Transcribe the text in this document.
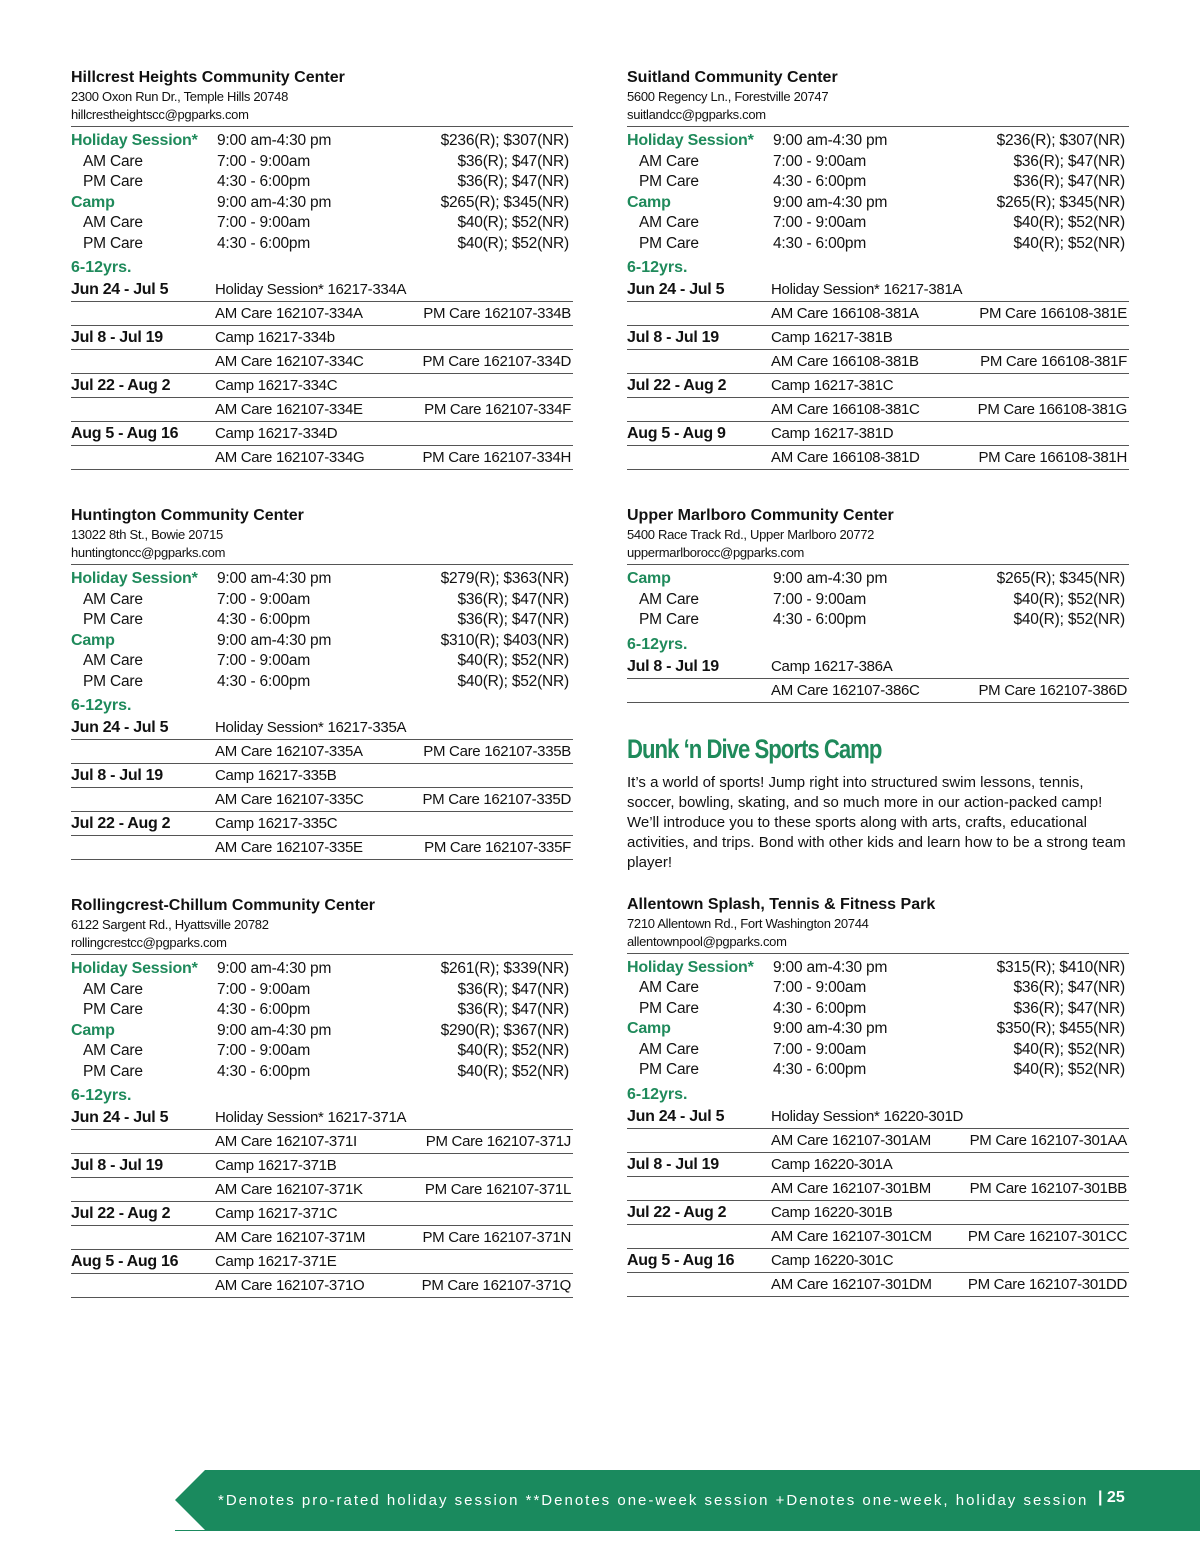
Hillcrest Heights Community Center
2300 Oxon Run Dr., Temple Hills 20748
hillcrestheightscc@pgparks.com
Holiday Session*	9:00 am-4:30 pm	$236(R); $307(NR)
AM Care	7:00 - 9:00am	$36(R); $47(NR)
PM Care	4:30 - 6:00pm	$36(R); $47(NR)
Camp	9:00 am-4:30 pm	$265(R); $345(NR)
AM Care	7:00 - 9:00am	$40(R); $52(NR)
PM Care	4:30 - 6:00pm	$40(R); $52(NR)
6-12yrs.
Jun 24 - Jul 5	Holiday Session* 16217-334A
AM Care 162107-334A	PM Care 162107-334B
Jul 8 - Jul 19	Camp 16217-334b
AM Care 162107-334C	PM Care 162107-334D
Jul 22 - Aug 2	Camp 16217-334C
AM Care 162107-334E	PM Care 162107-334F
Aug 5 - Aug 16	Camp 16217-334D
AM Care 162107-334G	PM Care 162107-334H
Huntington Community Center
13022 8th St., Bowie 20715
huntingtoncc@pgparks.com
Holiday Session*	9:00 am-4:30 pm	$279(R); $363(NR)
AM Care	7:00 - 9:00am	$36(R); $47(NR)
PM Care	4:30 - 6:00pm	$36(R); $47(NR)
Camp	9:00 am-4:30 pm	$310(R); $403(NR)
AM Care	7:00 - 9:00am	$40(R); $52(NR)
PM Care	4:30 - 6:00pm	$40(R); $52(NR)
6-12yrs.
Jun 24 - Jul 5	Holiday Session* 16217-335A
AM Care 162107-335A	PM Care 162107-335B
Jul 8 - Jul 19	Camp 16217-335B
AM Care 162107-335C	PM Care 162107-335D
Jul 22 - Aug 2	Camp 16217-335C
AM Care 162107-335E	PM Care 162107-335F
Rollingcrest-Chillum Community Center
6122 Sargent Rd., Hyattsville 20782
rollingcrestcc@pgparks.com
Holiday Session*	9:00 am-4:30 pm	$261(R); $339(NR)
AM Care	7:00 - 9:00am	$36(R); $47(NR)
PM Care	4:30 - 6:00pm	$36(R); $47(NR)
Camp	9:00 am-4:30 pm	$290(R); $367(NR)
AM Care	7:00 - 9:00am	$40(R); $52(NR)
PM Care	4:30 - 6:00pm	$40(R); $52(NR)
6-12yrs.
Jun 24 - Jul 5	Holiday Session* 16217-371A
AM Care 162107-371I	PM Care 162107-371J
Jul 8 - Jul 19	Camp 16217-371B
AM Care 162107-371K	PM Care 162107-371L
Jul 22 - Aug 2	Camp 16217-371C
AM Care 162107-371M	PM Care 162107-371N
Aug 5 - Aug 16	Camp 16217-371E
AM Care 162107-371O	PM Care 162107-371Q
Suitland Community Center
5600 Regency Ln., Forestville 20747
suitlandcc@pgparks.com
Holiday Session*	9:00 am-4:30 pm	$236(R); $307(NR)
AM Care	7:00 - 9:00am	$36(R); $47(NR)
PM Care	4:30 - 6:00pm	$36(R); $47(NR)
Camp	9:00 am-4:30 pm	$265(R); $345(NR)
AM Care	7:00 - 9:00am	$40(R); $52(NR)
PM Care	4:30 - 6:00pm	$40(R); $52(NR)
6-12yrs.
Jun 24 - Jul 5	Holiday Session* 16217-381A
AM Care 166108-381A	PM Care 166108-381E
Jul 8 - Jul 19	Camp 16217-381B
AM Care 166108-381B	PM Care 166108-381F
Jul 22 - Aug 2	Camp 16217-381C
AM Care 166108-381C	PM Care 166108-381G
Aug 5 - Aug 9	Camp 16217-381D
AM Care 166108-381D	PM Care 166108-381H
Upper Marlboro Community Center
5400 Race Track Rd., Upper Marlboro 20772
uppermarlborocc@pgparks.com
Camp	9:00 am-4:30 pm	$265(R); $345(NR)
AM Care	7:00 - 9:00am	$40(R); $52(NR)
PM Care	4:30 - 6:00pm	$40(R); $52(NR)
6-12yrs.
Jul 8 - Jul 19	Camp 16217-386A
AM Care 162107-386C	PM Care 162107-386D
Dunk ‘n Dive Sports Camp
It’s a world of sports! Jump right into structured swim lessons, tennis, soccer, bowling, skating, and so much more in our action-packed camp! We’ll introduce you to these sports along with arts, crafts, educational activities, and trips. Bond with other kids and learn how to be a strong team player!
Allentown Splash, Tennis & Fitness Park
7210 Allentown Rd., Fort Washington 20744
allentownpool@pgparks.com
Holiday Session*	9:00 am-4:30 pm	$315(R); $410(NR)
AM Care	7:00 - 9:00am	$36(R); $47(NR)
PM Care	4:30 - 6:00pm	$36(R); $47(NR)
Camp	9:00 am-4:30 pm	$350(R); $455(NR)
AM Care	7:00 - 9:00am	$40(R); $52(NR)
PM Care	4:30 - 6:00pm	$40(R); $52(NR)
6-12yrs.
Jun 24 - Jul 5	Holiday Session* 16220-301D
AM Care 162107-301AM	PM Care 162107-301AA
Jul 8 - Jul 19	Camp 16220-301A
AM Care 162107-301BM	PM Care 162107-301BB
Jul 22 - Aug 2	Camp 16220-301B
AM Care 162107-301CM	PM Care 162107-301CC
Aug 5 - Aug 16	Camp 16220-301C
AM Care 162107-301DM	PM Care 162107-301DD
*Denotes pro-rated holiday session **Denotes one-week session +Denotes one-week, holiday session | 25
